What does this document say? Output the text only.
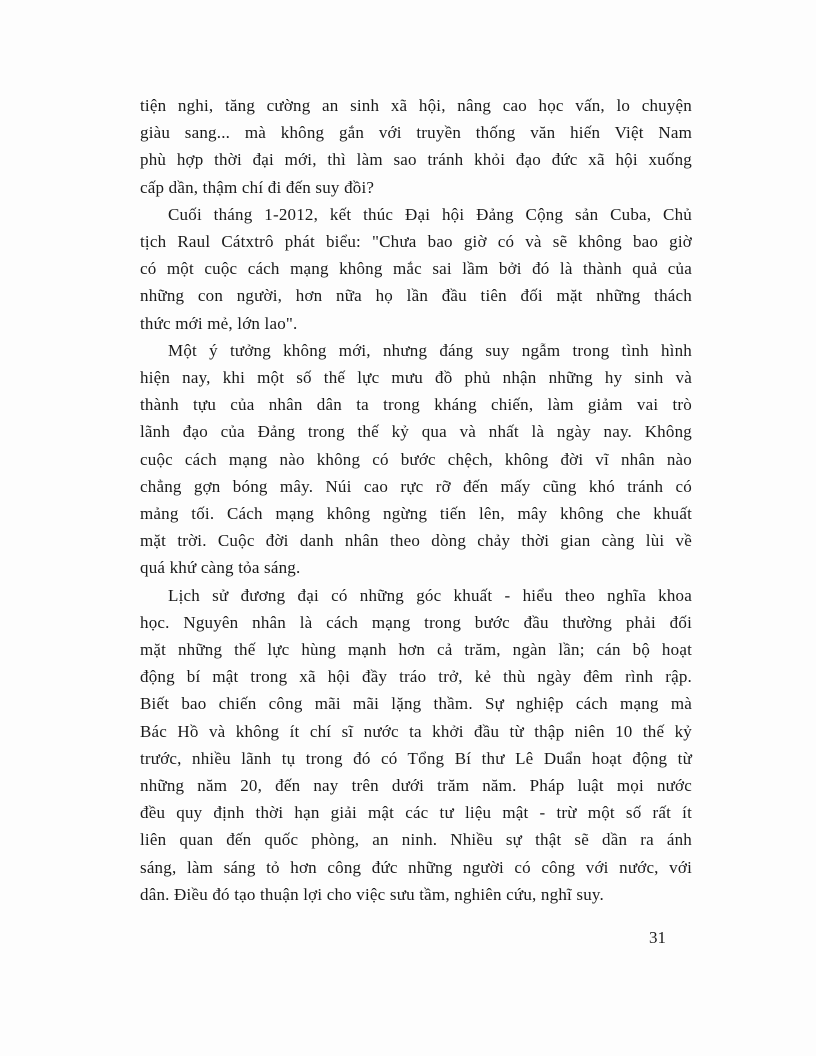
tiện nghi, tăng cường an sinh xã hội, nâng cao học vấn, lo chuyện
giàu sang... mà không gắn với truyền thống văn hiến Việt Nam
phù hợp thời đại mới, thì làm sao tránh khỏi đạo đức xã hội xuống
cấp dần, thậm chí đi đến suy đồi?

Cuối tháng 1-2012, kết thúc Đại hội Đảng Cộng sản Cuba, Chủ
tịch Raul Cátxtrô phát biểu: "Chưa bao giờ có và sẽ không bao giờ
có một cuộc cách mạng không mắc sai lầm bởi đó là thành quả của
những con người, hơn nữa họ lần đầu tiên đối mặt những thách
thức mới mẻ, lớn lao".

Một ý tưởng không mới, nhưng đáng suy ngẫm trong tình hình
hiện nay, khi một số thế lực mưu đồ phủ nhận những hy sinh và
thành tựu của nhân dân ta trong kháng chiến, làm giảm vai trò
lãnh đạo của Đảng trong thế kỷ qua và nhất là ngày nay. Không
cuộc cách mạng nào không có bước chệch, không đời vĩ nhân nào
chẳng gợn bóng mây. Núi cao rực rỡ đến mấy cũng khó tránh có
mảng tối. Cách mạng không ngừng tiến lên, mây không che khuất
mặt trời. Cuộc đời danh nhân theo dòng chảy thời gian càng lùi về
quá khứ càng tỏa sáng.

Lịch sử đương đại có những góc khuất - hiểu theo nghĩa khoa
học. Nguyên nhân là cách mạng trong bước đầu thường phải đối
mặt những thế lực hùng mạnh hơn cả trăm, ngàn lần; cán bộ hoạt
động bí mật trong xã hội đầy tráo trở, kẻ thù ngày đêm rình rập.
Biết bao chiến công mãi mãi lặng thầm. Sự nghiệp cách mạng mà
Bác Hồ và không ít chí sĩ nước ta khởi đầu từ thập niên 10 thế kỷ
trước, nhiều lãnh tụ trong đó có Tổng Bí thư Lê Duẩn hoạt động từ
những năm 20, đến nay trên dưới trăm năm. Pháp luật mọi nước
đều quy định thời hạn giải mật các tư liệu mật - trừ một số rất ít
liên quan đến quốc phòng, an ninh. Nhiều sự thật sẽ dần ra ánh
sáng, làm sáng tỏ hơn công đức những người có công với nước, với
dân. Điều đó tạo thuận lợi cho việc sưu tầm, nghiên cứu, nghĩ suy.

31
